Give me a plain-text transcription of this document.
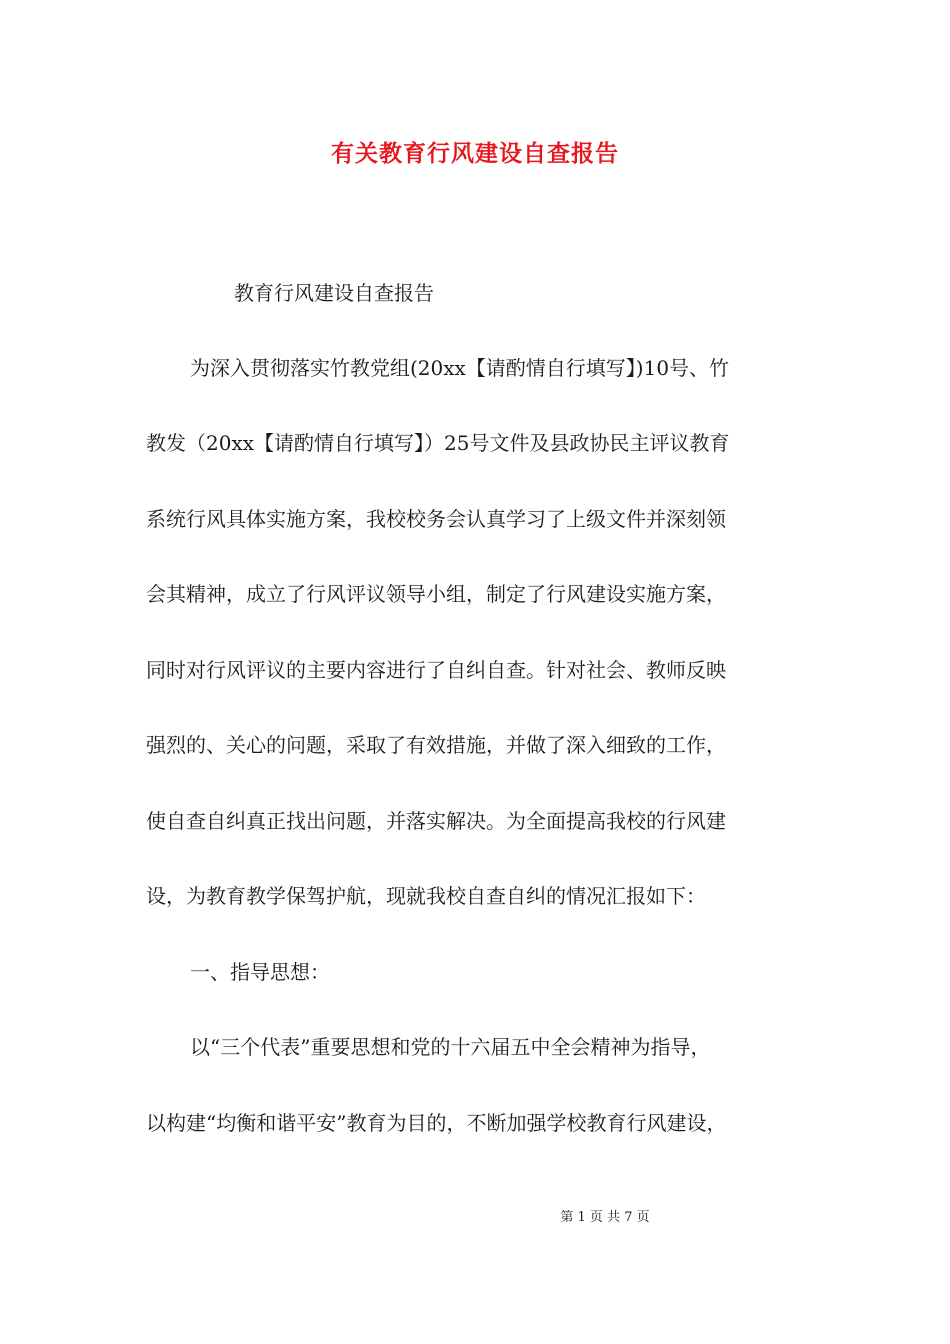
有关教育行风建设自查报告

教育行风建设自查报告

为深入贯彻落实竹教党组(20xx【请酌情自行填写】)10号、竹

教发（20xx【请酌情自行填写】）25号文件及县政协民主评议教育

系统行风具体实施方案，我校校务会认真学习了上级文件并深刻领

会其精神，成立了行风评议领导小组，制定了行风建设实施方案，

同时对行风评议的主要内容进行了自纠自查。针对社会、教师反映

强烈的、关心的问题，采取了有效措施，并做了深入细致的工作，

使自查自纠真正找出问题，并落实解决。为全面提高我校的行风建

设，为教育教学保驾护航，现就我校自查自纠的情况汇报如下：

一、指导思想：

以“三个代表”重要思想和党的十六届五中全会精神为指导，

以构建“均衡和谐平安”教育为目的，不断加强学校教育行风建设，

第 1 页 共 7 页
